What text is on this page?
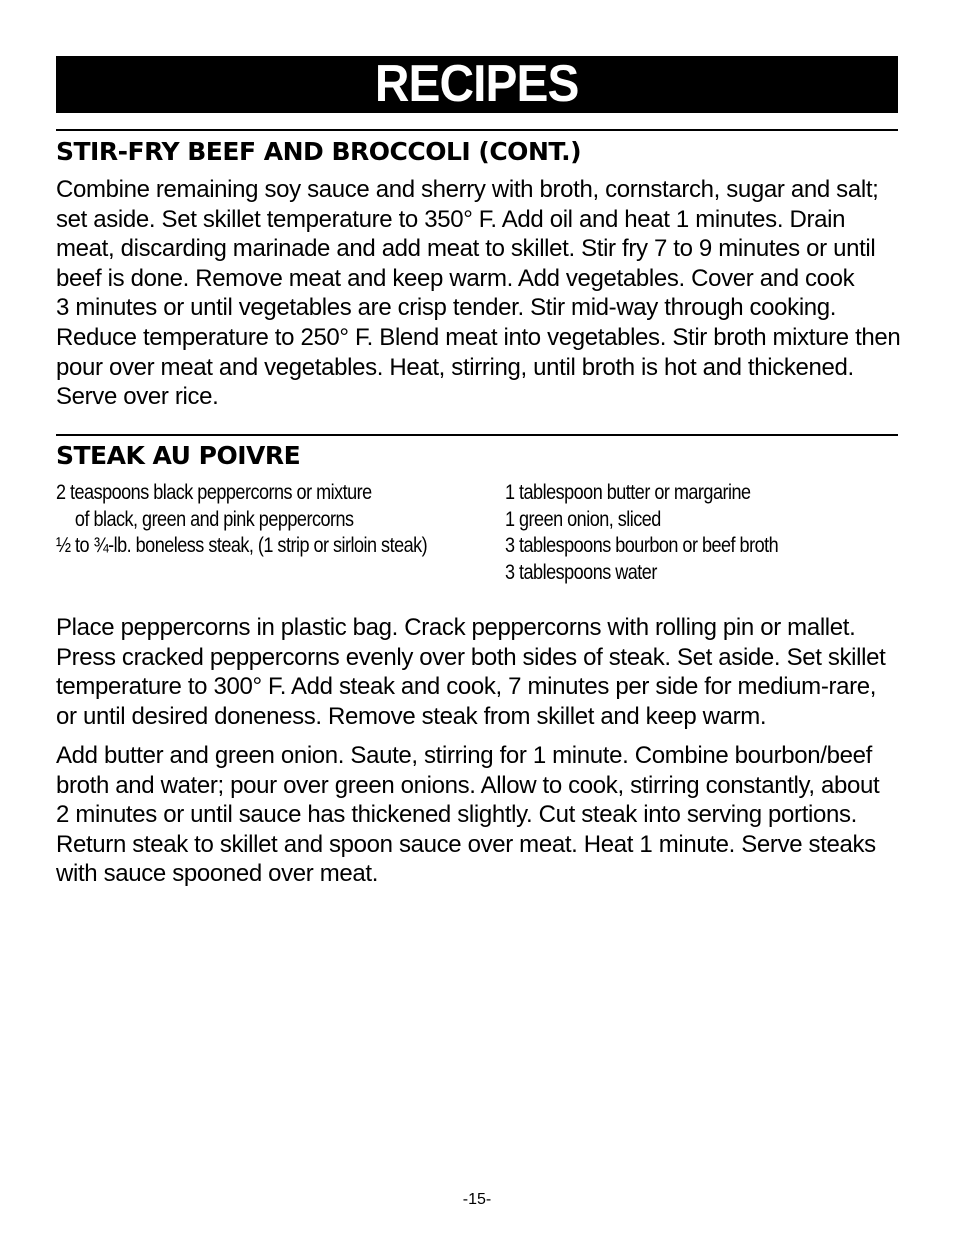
RECIPES
STIR-FRY BEEF AND BROCCOLI (CONT.)
Combine remaining soy sauce and sherry with broth, cornstarch, sugar and salt;
set aside. Set skillet temperature to 350° F. Add oil and heat 1 minutes. Drain
meat, discarding marinade and add meat to skillet. Stir fry 7 to 9 minutes or until
beef is done. Remove meat and keep warm. Add vegetables. Cover and cook
3 minutes or until vegetables are crisp tender. Stir mid-way through cooking.
Reduce temperature to 250° F. Blend meat into vegetables. Stir broth mixture then
pour over meat and vegetables. Heat, stirring, until broth is hot and thickened.
Serve over rice.
STEAK AU POIVRE
2 teaspoons black peppercorns or mixture
of black, green and pink peppercorns
½ to ¾-lb. boneless steak, (1 strip or sirloin steak)
1 tablespoon butter or margarine
1 green onion, sliced
3 tablespoons bourbon or beef broth
3 tablespoons water
Place peppercorns in plastic bag. Crack peppercorns with rolling pin or mallet.
Press cracked peppercorns evenly over both sides of steak. Set aside. Set skillet
temperature to 300° F. Add steak and cook, 7 minutes per side for medium-rare,
or until desired doneness. Remove steak from skillet and keep warm.
Add butter and green onion. Saute, stirring for 1 minute. Combine bourbon/beef
broth and water; pour over green onions. Allow to cook, stirring constantly, about
2 minutes or until sauce has thickened slightly. Cut steak into serving portions.
Return steak to skillet and spoon sauce over meat. Heat 1 minute. Serve steaks
with sauce spooned over meat.
-15-
